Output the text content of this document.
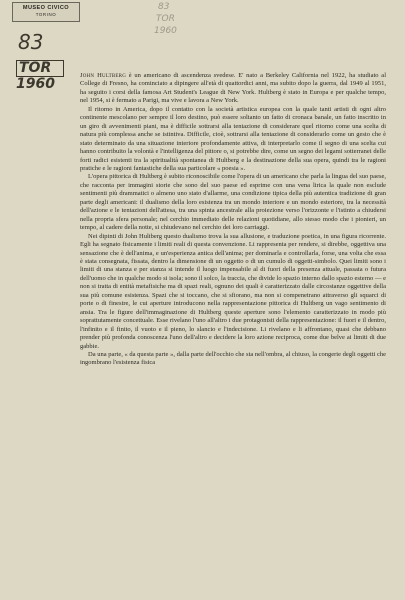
MUSEO CIVICO
TORINO
83
TOR
1960
83
TOR
1960

John Hultberg è un americano di ascendenza svedese. E' nato a Berkeley California nel 1922, ha studiato al College di Fresno, ha cominciato a dipingere all'età di quattordici anni, ma subito dopo la guerra, dal 1949 al 1951, ha seguito i corsi della famosa Art Student's League di New York. Hultberg è stato in Europa e per qualche tempo, nel 1954, si è fermato a Parigi, ma vive e lavora a New York.

Il ritorno in America, dopo il contatto con la società artistica europea con la quale tanti artisti di ogni altro continente mescolano per sempre il loro destino, può essere soltanto un fatto di cronaca banale, un fatto inscritto in un giro di avvenimenti piani, ma è difficile sottrarsi alla tentazione di considerare quel ritorno come una scelta di natura più complessa anche se istintiva. Difficile, cioè, sottrarsi alla tentazione di considerarlo come un gesto che è stato determinato da una situazione interiore profondamente attiva, di interpretarlo come il segno di una scelta cui hanno contribuito la volontà e l'intelligenza del pittore o, si potrebbe dire, come un segno dei legami sotterranei delle forti radici esistenti tra la spiritualità spontanea di Hultberg e la destinazione della sua opera, quindi tra le ragioni pratiche e le ragioni fantastiche della sua particolare « poesia ».

L'opera pittorica di Hultberg è subito riconoscibile come l'opera di un americano che parla la lingua del suo paese, che racconta per immagini storie che sono del suo paese ed esprime con una vena lirica la quale non esclude sentimenti più drammatici o almeno uno stato d'allarme, una condizione tipica della più autentica tradizione di gran parte degli americani: il dualismo della loro esistenza tra un mondo interiore e un mondo esteriore, tra la necessità dell'azione e le tentazioni dell'attesa, tra una spinta ancestrale alla proiezione verso l'orizzonte e l'istinto a chiudersi nella propria sfera personale; nel cerchio immediato delle relazioni quotidiane, allo stesso modo che i pionieri, un tempo, al cadere della notte, si chiudevano nel cerchio dei loro carriaggi.

Nei dipinti di John Hultberg questo dualismo trova la sua allusione, e traduzione poetica, in una figura ricorrente. Egli ha segnato fisicamente i limiti reali di questa convenzione. Li rappresenta per rendere, si direbbe, oggettiva una sensazione che è dell'anima, e un'esperienza antica dell'anima; per dominarla e controllarla, forse, una volta che essa è stata consegnata, fissata, dentro la dimensione di un oggetto o di un cumulo di oggetti-simbolo. Quei limiti sono i limiti di una stanza e per stanza si intende il luogo impensabile al di fuori della presenza attuale, passata o futura dell'uomo che in qualche modo si isola; sono il solco, la traccia, che divide lo spazio interno dallo spazio esterno — e non si tratta di entità metafisiche ma di spazi reali, ognuno dei quali è caratterizzato dalle circostanze oggettive della sua più comune esistenza. Spazi che si toccano, che si sfiorano, ma non si compenetrano attraverso gli squarci di porte o di finestre, le cui aperture introducono nella rappresentazione pittorica di Hultberg un vago sentimento di ansia. Tra le figure dell'immaginazione di Hultberg queste aperture sono l'elemento caratterizzato in modo più soprattutamente concettuale. Esse rivelano l'uno all'altro i due protagonisti della rappresentazione: il fuori e il dentro, l'infinito e il finito, il vuoto e il pieno, lo slancio e l'indecisione. Li rivelano e li affrontano, quasi che debbano prender più profonda conoscenza l'uno dell'altro e decidere la loro azione reciproca, come due belve ai limiti di due gabbie.

Da una parte, « da questa parte », dalla parte dell'occhio che sta nell'ombra, al chiuso, la congerie degli oggetti che ingombrano l'esistenza fisica
